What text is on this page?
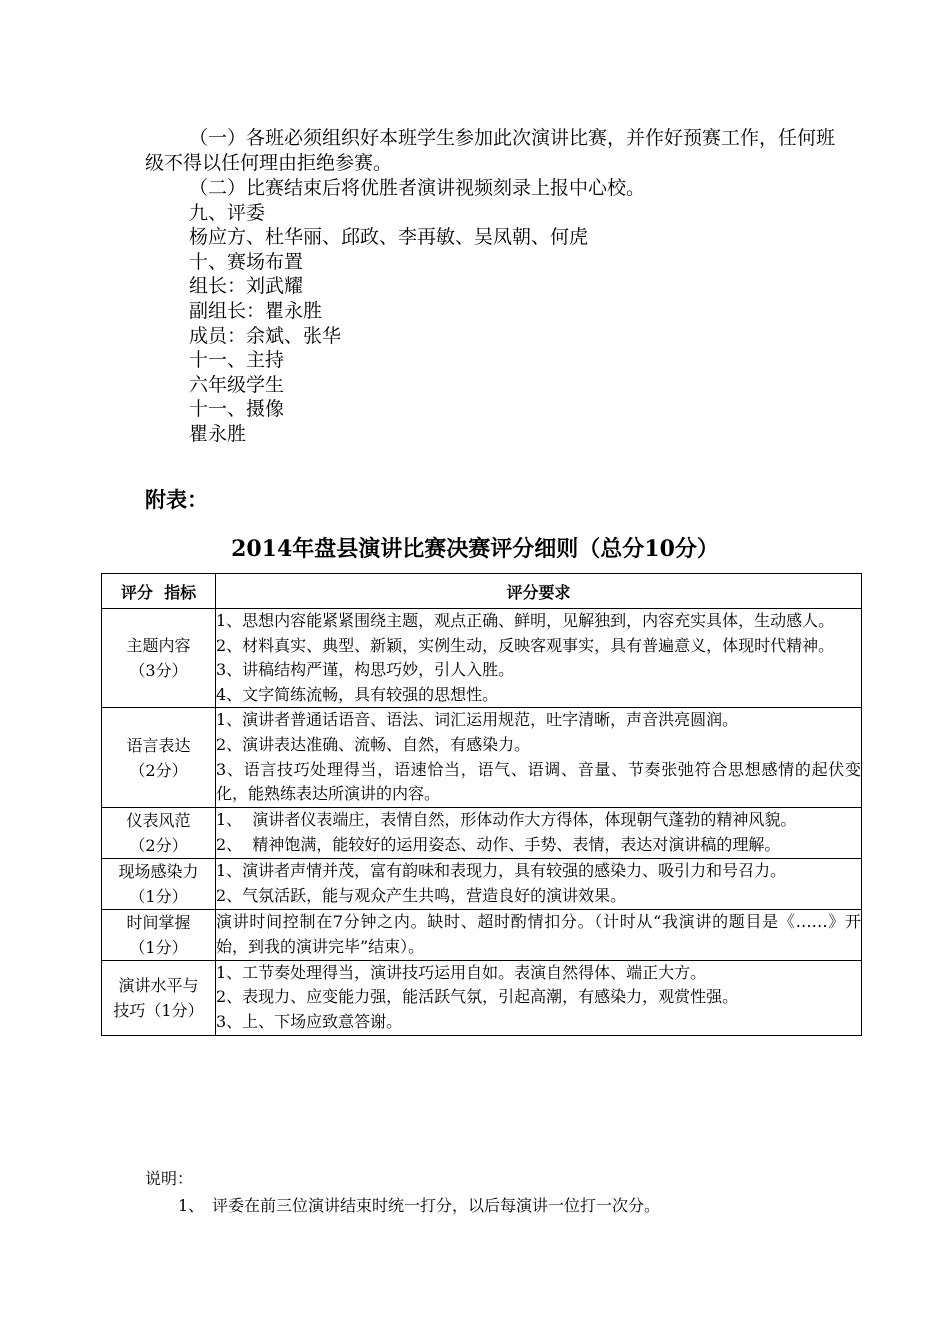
（一）各班必须组织好本班学生参加此次演讲比赛，并作好预赛工作，任何班级不得以任何理由拒绝参赛。

（二）比赛结束后将优胜者演讲视频刻录上报中心校。
九、评委
杨应方、杜华丽、邱政、李再敏、吴凤朝、何虎
十、赛场布置
组长：刘武耀
副组长：瞿永胜
成员：余斌、张华
十一、主持
六年级学生
十一、摄像
瞿永胜
附表：
2014年盘县演讲比赛决赛评分细则（总分10分）
评分  指标	评分要求

主题内容
（3分）	1、思想内容能紧紧围绕主题，观点正确、鲜明，见解独到，内容充实具体，生动感人。
2、材料真实、典型、新颖，实例生动，反映客观事实，具有普遍意义，体现时代精神。
3、讲稿结构严谨，构思巧妙，引人入胜。
4、文字简练流畅，具有较强的思想性。

语言表达
（2分）	1、演讲者普通话语音、语法、词汇运用规范，吐字清晰，声音洪亮圆润。
2、演讲表达准确、流畅、自然，有感染力。
3、语言技巧处理得当，语速恰当，语气、语调、音量、节奏张弛符合思想感情的起伏变化，能熟练表达所演讲的内容。

仪表风范
（2分）	1、  演讲者仪表端庄，表情自然，形体动作大方得体，体现朝气蓬勃的精神风貌。
2、  精神饱满，能较好的运用姿态、动作、手势、表情，表达对演讲稿的理解。

现场感染力
（1分）	1、演讲者声情并茂，富有韵味和表现力，具有较强的感染力、吸引力和号召力。
2、气氛活跃，能与观众产生共鸣，营造良好的演讲效果。

时间掌握
（1分）	演讲时间控制在7分钟之内。缺时、超时酌情扣分。（计时从“我演讲的题目是《……》开始，到我的演讲完毕”结束）。

演讲水平与
技巧（1分）	1、工节奏处理得当，演讲技巧运用自如。表演自然得体、端正大方。
2、表现力、应变能力强，能活跃气氛，引起高潮，有感染力，观赏性强。
3、上、下场应致意答谢。
说明：
1、 评委在前三位演讲结束时统一打分，以后每演讲一位打一次分。
